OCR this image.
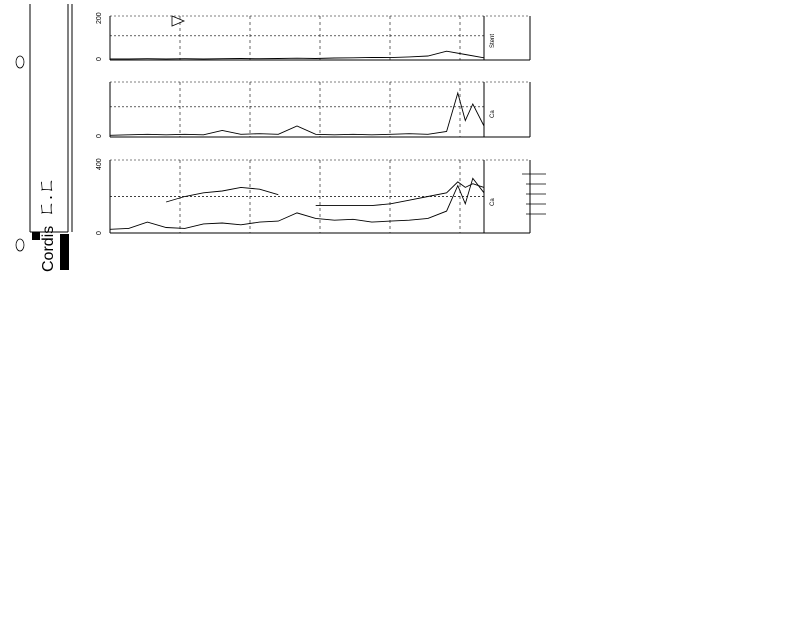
Cordis
ㄈ.ㄈ
200
0
Stent
0
Ca
400
0
Ca
